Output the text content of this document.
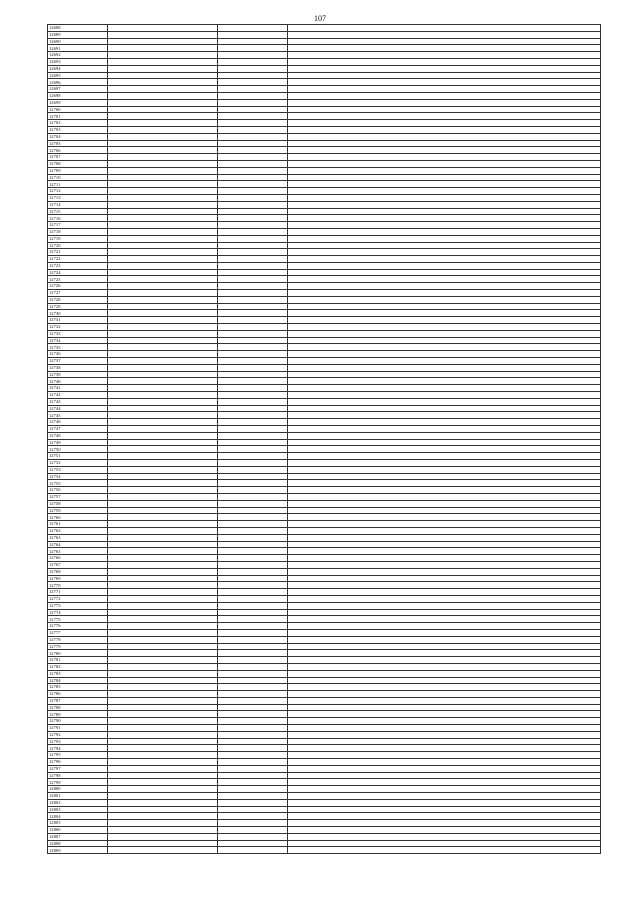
107
12688			
12689			
12690			
12691			
12692			
12693			
12694			
12695			
12696			
12697			
12698			
12699			
12700			
12701			
12702			
12703			
12704			
12705			
12706			
12707			
12708			
12709			
12710			
12711			
12712			
12713			
12714			
12715			
12716			
12717			
12718			
12719			
12720			
12721			
12722			
12723			
12724			
12725			
12726			
12727			
12728			
12729			
12730			
12731			
12732			
12733			
12734			
12735			
12736			
12737			
12738			
12739			
12740			
12741			
12742			
12743			
12744			
12745			
12746			
12747			
12748			
12749			
12750			
12751			
12752			
12753			
12754			
12755			
12756			
12757			
12758			
12759			
12760			
12761			
12762			
12763			
12764			
12765			
12766			
12767			
12768			
12769			
12770			
12771			
12772			
12773			
12774			
12775			
12776			
12777			
12778			
12779			
12780			
12781			
12782			
12783			
12784			
12785			
12786			
12787			
12788			
12789			
12790			
12791			
12792			
12793			
12794			
12795			
12796			
12797			
12798			
12799			
12800			
12801			
12802			
12803			
12804			
12805			
12806			
12807			
12808			
12809			
